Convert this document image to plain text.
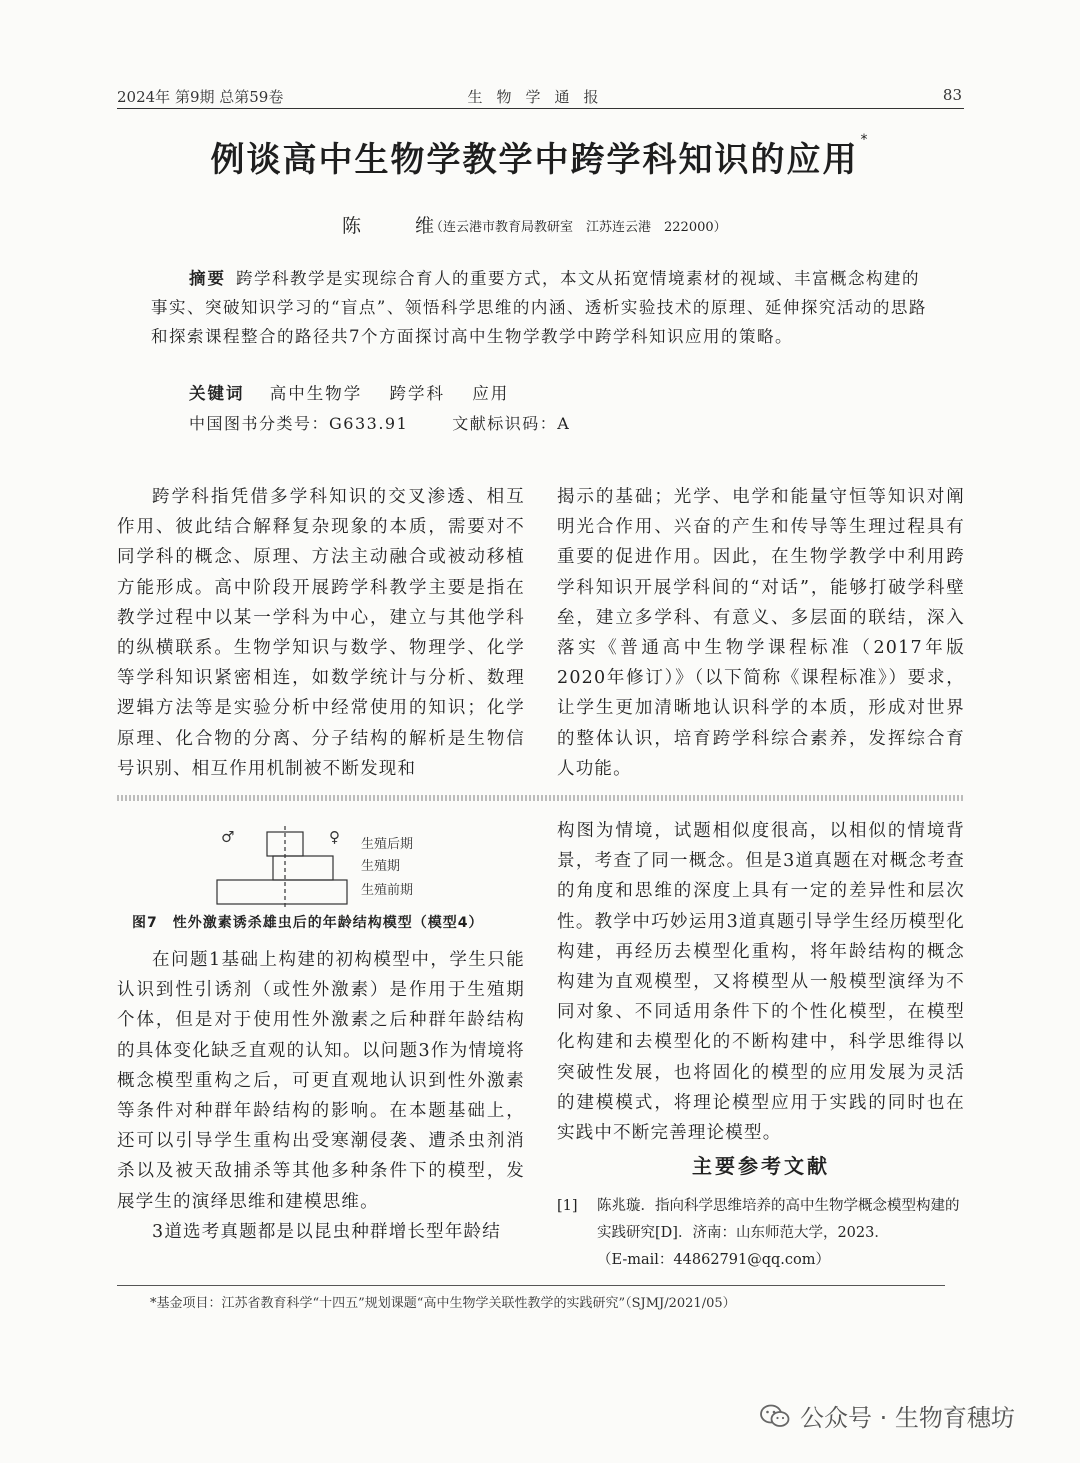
2024年 第9期 总第59卷	生物学通报	83
例谈高中生物学教学中跨学科知识的应用 *
陈 维
（连云港市教育局教研室　江苏连云港　222000）
摘要 跨学科教学是实现综合育人的重要方式，本文从拓宽情境素材的视域、丰富概念构建的事实、突破知识学习的“盲点”、领悟科学思维的内涵、透析实验技术的原理、延伸探究活动的思路和探索课程整合的路径共7个方面探讨高中生物学教学中跨学科知识应用的策略。
关键词 高中生物学 跨学科 应用
中国图书分类号：G633.91	文献标识码：A

跨学科指凭借多学科知识的交叉渗透、相互作用、彼此结合解释复杂现象的本质，需要对不同学科的概念、原理、方法主动融合或被动移植方能形成。高中阶段开展跨学科教学主要是指在教学过程中以某一学科为中心，建立与其他学科的纵横联系。生物学知识与数学、物理学、化学等学科知识紧密相连，如数学统计与分析、数理逻辑方法等是实验分析中经常使用的知识；化学原理、化合物的分离、分子结构的解析是生物信号识别、相互作用机制被不断发现和

揭示的基础；光学、电学和能量守恒等知识对阐明光合作用、兴奋的产生和传导等生理过程具有重要的促进作用。因此，在生物学教学中利用跨学科知识开展学科间的“对话”，能够打破学科壁垒，建立多学科、有意义、多层面的联结，深入落实《普通高中生物学课程标准（2017年版2020年修订）》（以下简称《课程标准》）要求，让学生更加清晰地认识科学的本质，形成对世界的整体认识，培育跨学科综合素养，发挥综合育人功能。

♂	♀ 生殖后期
生殖期
生殖前期
图7　性外激素诱杀雄虫后的年龄结构模型（模型4）

在问题1基础上构建的初构模型中，学生只能认识到性引诱剂（或性外激素）是作用于生殖期个体，但是对于使用性外激素之后种群年龄结构的具体变化缺乏直观的认知。以问题3作为情境将概念模型重构之后，可更直观地认识到性外激素等条件对种群年龄结构的影响。在本题基础上，还可以引导学生重构出受寒潮侵袭、遭杀虫剂消杀以及被天敌捕杀等其他多种条件下的模型，发展学生的演绎思维和建模思维。

3道选考真题都是以昆虫种群增长型年龄结

构图为情境，试题相似度很高，以相似的情境背景，考查了同一概念。但是3道真题在对概念考查的角度和思维的深度上具有一定的差异性和层次性。教学中巧妙运用3道真题引导学生经历模型化构建，再经历去模型化重构，将年龄结构的概念构建为直观模型，又将模型从一般模型演绎为不同对象、不同适用条件下的个性化模型，在模型化构建和去模型化的不断构建中，科学思维得以突破性发展，也将固化的模型的应用发展为灵活的建模模式，将理论模型应用于实践的同时也在实践中不断完善理论模型。

主要参考文献
[1] 陈兆璇．指向科学思维培养的高中生物学概念模型构建的实践研究[D]．济南：山东师范大学，2023．
（E-mail：44862791@qq.com）
*基金项目：江苏省教育科学“十四五”规划课题“高中生物学关联性教学的实践研究”（SJMJ/2021/05）
公众号 · 生物育穗坊
